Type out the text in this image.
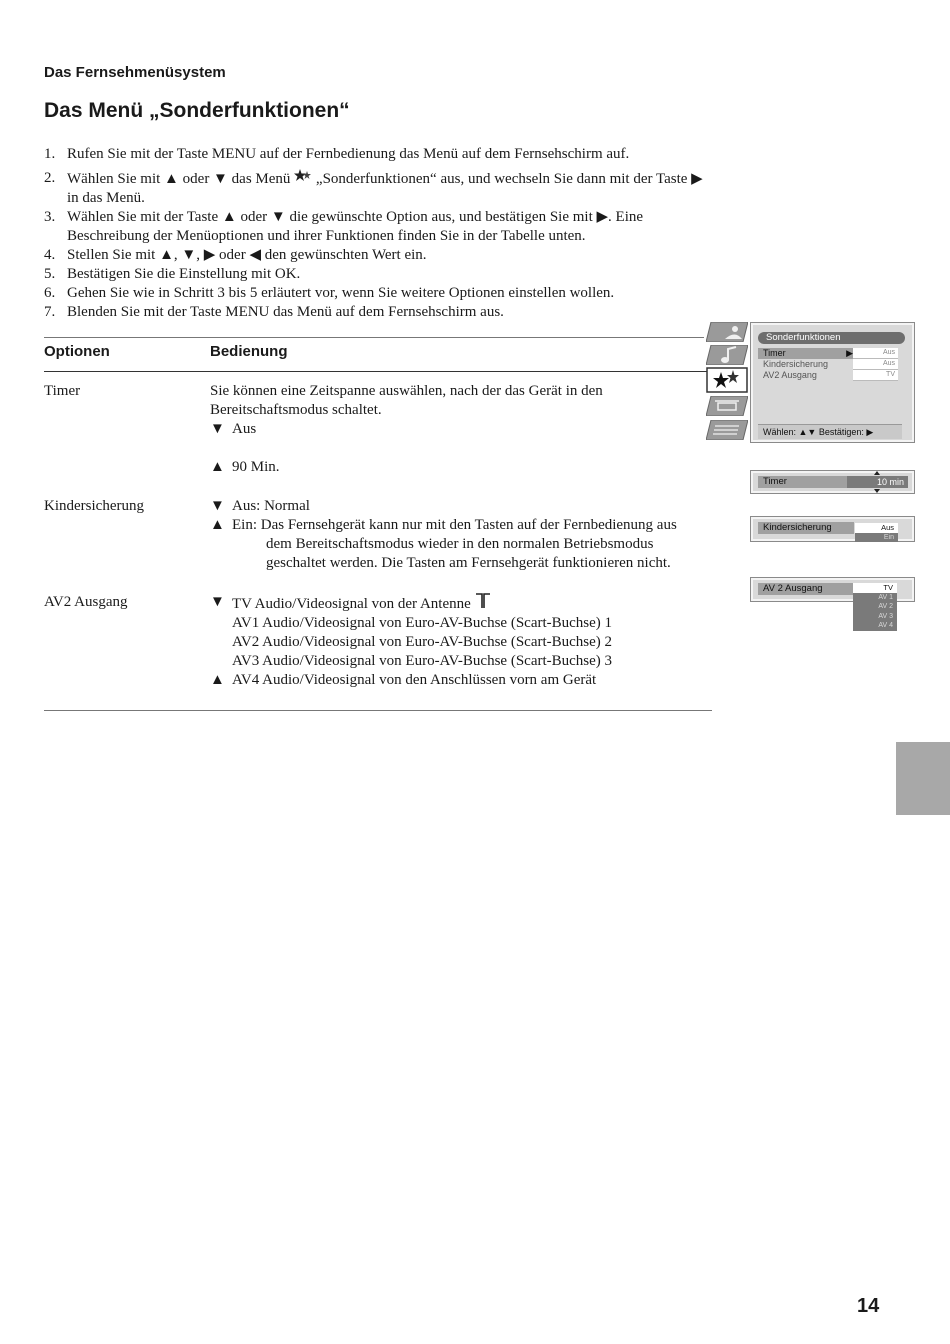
Das Fernsehmenüsystem
Das Menü „Sonderfunktionen“
1. Rufen Sie mit der Taste MENU auf der Fernbedienung das Menü auf dem Fernsehschirm auf.
2. Wählen Sie mit ▲ oder ▼ das Menü  „Sonderfunktionen“ aus, und wechseln Sie dann mit der Taste ▶ in das Menü.
3. Wählen Sie mit der Taste ▲ oder ▼ die gewünschte Option aus, und bestätigen Sie mit ▶. Eine Beschreibung der Menüoptionen und ihrer Funktionen finden Sie in der Tabelle unten.
4. Stellen Sie mit ▲, ▼, ▶ oder ◀ den gewünschten Wert ein.
5. Bestätigen Sie die Einstellung mit OK.
6. Gehen Sie wie in Schritt 3 bis 5 erläutert vor, wenn Sie weitere Optionen einstellen wollen.
7. Blenden Sie mit der Taste MENU das Menü auf dem Fernsehschirm aus.
Optionen	Bedienung
Timer	Sie können eine Zeitspanne auswählen, nach der das Gerät in den Bereitschaftsmodus schaltet.
▼ Aus
▲ 90 Min.
Kindersicherung	▼ Aus: Normal
▲ Ein: Das Fernsehgerät kann nur mit den Tasten auf der Fernbedienung aus
dem Bereitschaftsmodus wieder in den normalen Betriebsmodus
geschaltet werden. Die Tasten am Fernsehgerät funktionieren nicht.
AV2 Ausgang	▼ TV Audio/Videosignal von der Antenne
AV1 Audio/Videosignal von Euro-AV-Buchse (Scart-Buchse) 1
AV2 Audio/Videosignal von Euro-AV-Buchse (Scart-Buchse) 2
AV3 Audio/Videosignal von Euro-AV-Buchse (Scart-Buchse) 3
▲ AV4 Audio/Videosignal von den Anschlüssen vorn am Gerät
Sonderfunktionen
Timer	▶	Aus
Kindersicherung	Aus
AV2 Ausgang	TV
Wählen: ▲▼ Bestätigen: ▶
Timer	10 min
Kindersicherung	Aus
Ein
AV 2 Ausgang	TV
AV 1
AV 2
AV 3
AV 4
14
